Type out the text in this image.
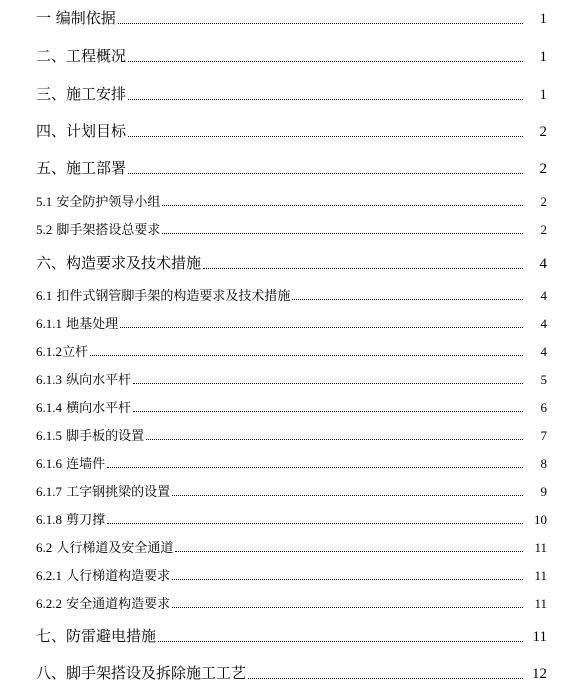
一 编制依据	1
二、工程概况	1
三、施工安排	1
四、计划目标	2
五、施工部署	2
5.1 安全防护领导小组	2
5.2 脚手架搭设总要求	2
六、构造要求及技术措施	4
6.1 扣件式钢管脚手架的构造要求及技术措施	4
6.1.1 地基处理	4
6.1.2立杆	4
6.1.3 纵向水平杆	5
6.1.4 横向水平杆	6
6.1.5 脚手板的设置	7
6.1.6 连墙件	8
6.1.7 工字钢挑梁的设置	9
6.1.8 剪刀撑	10
6.2 人行梯道及安全通道	11
6.2.1 人行梯道构造要求	11
6.2.2 安全通道构造要求	11
七、防雷避电措施	11
八、脚手架搭设及拆除施工工艺	12
